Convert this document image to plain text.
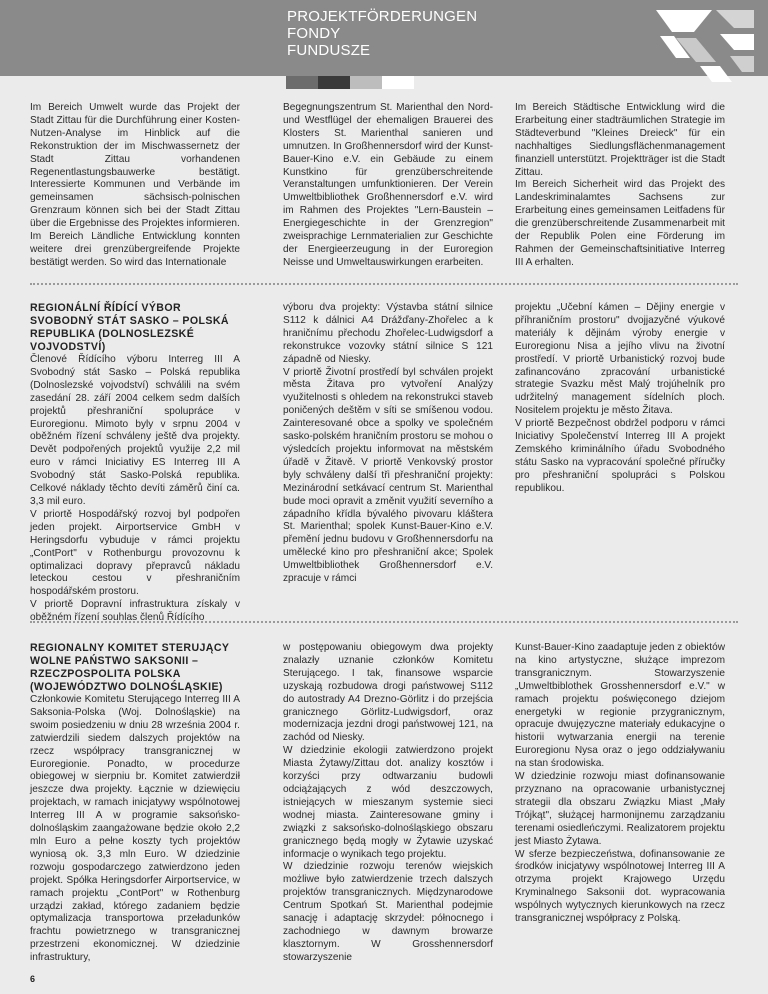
PROJEKTFÖRDERUNGEN
FONDY
FUNDUSZE

Im Bereich Umwelt wurde das Projekt der Stadt Zittau für die Durchführung einer Kosten-Nutzen-Analyse im Hinblick auf die Rekonstruktion der im Mischwassernetz der Stadt Zittau vorhandenen Regenentlastungsbauwerke bestätigt. Interessierte Kommunen und Verbände im gemeinsamen sächsisch-polnischen Grenzraum können sich bei der Stadt Zittau über die Ergebnisse des Projektes informieren.

Im Bereich Ländliche Entwicklung konnten weitere drei grenzübergreifende Projekte bestätigt werden. So wird das Internationale

Begegnungszentrum St. Marienthal den Nord- und Westflügel der ehemaligen Brauerei des Klosters St. Marienthal sanieren und umnutzen. In Großhennersdorf wird der Kunst-Bauer-Kino e.V. ein Gebäude zu einem Kunstkino für grenzüberschreitende Veranstaltungen umfunktionieren. Der Verein Umweltbibliothek Großhennersdorf e.V. wird im Rahmen des Projektes "Lern-Baustein – Energiegeschichte in der Grenzregion" zweisprachige Lernmaterialien zur Geschichte der Energieerzeugung in der Euroregion Neisse und Umweltauswirkungen erarbeiten.

Im Bereich Städtische Entwicklung wird die Erarbeitung einer stadträumlichen Strategie im Städteverbund "Kleines Dreieck" für ein nachhaltiges Siedlungsflächenmanagement finanziell unterstützt. Projektträger ist die Stadt Zittau.

Im Bereich Sicherheit wird das Projekt des Landeskriminalamtes Sachsens zur Erarbeitung eines gemeinsamen Leitfadens für die grenzüberschreitende Zusammenarbeit mit der Republik Polen eine Förderung im Rahmen der Gemeinschaftsinitiative Interreg III A erhalten.

REGIONÁLNÍ ŘÍDÍCÍ VÝBOR SVOBODNÝ STÁT SASKO – POLSKÁ REPUBLIKA (DOLNOSLEZSKÉ VOJVODSTVÍ)

Členové Řídícího výboru Interreg III A Svobodný stát Sasko – Polská republika (Dolnoslezské vojvodství) schválili na svém zasedání 28. září 2004 celkem sedm dalších projektů přeshraniční spolupráce v Euroregionu. Mimoto byly v srpnu 2004 v oběžném řízení schváleny ještě dva projekty. Devět podpořených projektů využije 2,2 mil euro v rámci Iniciativy ES Interreg III A Svobodný stát Sasko-Polská republika. Celkové náklady těchto devíti záměrů činí ca. 3,3 mil euro.

V priortě Hospodářský rozvoj byl podpořen jeden projekt. Airportservice GmbH v Heringsdorfu vybuduje v rámci projektu „ContPort" v Rothenburgu provozovnu k optimalizaci dopravy přepravců nákladu leteckou cestou v přeshraničním hospodářském prostoru.

V priortě Dopravní infrastruktura získaly v oběžném řízení souhlas členů Řídícího

výboru dva projekty: Výstavba státní silnice S112 k dálnici A4 Drážďany-Zhořelec a k hraničnímu přechodu Zhořelec-Ludwigsdorf a rekonstrukce vozovky státní silnice S 121 západně od Niesky.

V priortě Životní prostředí byl schválen projekt města Žitava pro vytvoření Analýzy využitelnosti s ohledem na rekonstrukci staveb poničených deštěm v síti se smíšenou vodou. Zainteresované obce a spolky ve společném sasko-polském hraničním prostoru se mohou o výsledcích projektu informovat na městském úřadě v Žitavě. V priortě Venkovský prostor byly schváleny další tři přeshraniční projekty: Mezinárodní setkávací centrum St. Marienthal bude moci opravit a změnit využití severního a západního křídla bývalého pivovaru kláštera St. Marienthal; spolek Kunst-Bauer-Kino e.V. přemění jednu budovu v Großhennersdorfu na umělecké kino pro přeshraniční akce; Spolek Umweltbibliothek Großhennersdorf e.V. zpracuje v rámci

projektu „Učební kámen – Dějiny energie v příhraničním prostoru" dvojjazyčné výukové materiály k dějinám výroby energie v Euroregionu Nisa a jejího vlivu na životní prostředí. V priortě Urbanistický rozvoj bude zafinancováno zpracování urbanistické strategie Svazku měst Malý trojúhelník pro udržitelný management sídelních ploch. Nositelem projektu je město Žitava.

V priortě Bezpečnost obdržel podporu v rámci Iniciativy Společenství Interreg III A projekt Zemského kriminálního úřadu Svobodného státu Sasko na vypracování společné příručky pro přeshraniční spolupráci s Polskou republikou.

REGIONALNY KOMITET STERUJĄCY WOLNE PAŃSTWO SAKSONII – RZECZPOSPOLITA POLSKA (WOJEWÓDZTWO DOLNOŚLĄSKIE)

Członkowie Komitetu Sterującego Interreg III A Saksonia-Polska (Woj. Dolnośląskie) na swoim posiedzeniu w dniu 28 września 2004 r. zatwierdzili siedem dalszych projektów na rzecz współpracy transgranicznej w Euroregionie. Ponadto, w procedurze obiegowej w sierpniu br. Komitet zatwierdził jeszcze dwa projekty. Łącznie w dziewięciu projektach, w ramach inicjatywy wspólnotowej Interreg III A w programie saksońsko-dolnośląskim zaangażowane będzie około 2,2 mln Euro a pełne koszty tych projektów wyniosą ok. 3,3 mln Euro. W dziedzinie rozwoju gospodarczego zatwierdzono jeden projekt. Spółka Heringsdorfer Airportservice, w ramach projektu „ContPort" w Rothenburg urządzi zakład, którego zadaniem będzie optymalizacja transportowa przeładunków frachtu powietrznego w transgranicznej przestrzeni ekonomicznej. W dziedzinie infrastruktury,

w postępowaniu obiegowym dwa projekty znalazły uznanie członków Komitetu Sterującego. I tak, finansowe wsparcie uzyskają rozbudowa drogi państwowej S112 do autostrady A4 Drezno-Görlitz i do przejścia granicznego Görlitz-Ludwigsdorf, oraz modernizacja jezdni drogi państwowej 121, na zachód od Niesky.

W dziedzinie ekologii zatwierdzono projekt Miasta Żytawy/Zittau dot. analizy kosztów i korzyści przy odtwarzaniu budowli odciążających z wód deszczowych, istniejących w mieszanym systemie sieci wodnej miasta. Zainteresowane gminy i związki z saksońsko-dolnośląskiego obszaru granicznego będą mogły w Żytawie uzyskać informacje o wynikach tego projektu.

W dziedzinie rozwoju terenów wiejskich możliwe było zatwierdzenie trzech dalszych projektów transgranicznych. Międzynarodowe Centrum Spotkań St. Marienthal podejmie sanację i adaptację skrzydeł: północnego i zachodniego w dawnym browarze klasztornym. W Grosshennersdorf stowarzyszenie

Kunst-Bauer-Kino zaadaptuje jeden z obiektów na kino artystyczne, służące imprezom transgranicznym. Stowarzyszenie „Umweltbiblothek Grosshennersdorf e.V." w ramach projektu poświęconego dziejom energetyki w regionie przygranicznym, opracuje dwujęzyczne materiały edukacyjne o historii wytwarzania energii na terenie Euroregionu Nysa oraz o jego oddziaływaniu na stan środowiska.

W dziedzinie rozwoju miast dofinansowanie przyznano na opracowanie urbanistycznej strategii dla obszaru Związku Miast „Mały Trójkąt", służącej harmonijnemu zarządzaniu terenami osiedleńczymi. Realizatorem projektu jest Miasto Żytawa.

W sferze bezpieczeństwa, dofinansowanie ze środków inicjatywy wspólnotowej Interreg III A otrzyma projekt Krajowego Urzędu Kryminalnego Saksonii dot. wypracowania wspólnych wytycznych kierunkowych na rzecz transgranicznej współpracy z Polską.

6
